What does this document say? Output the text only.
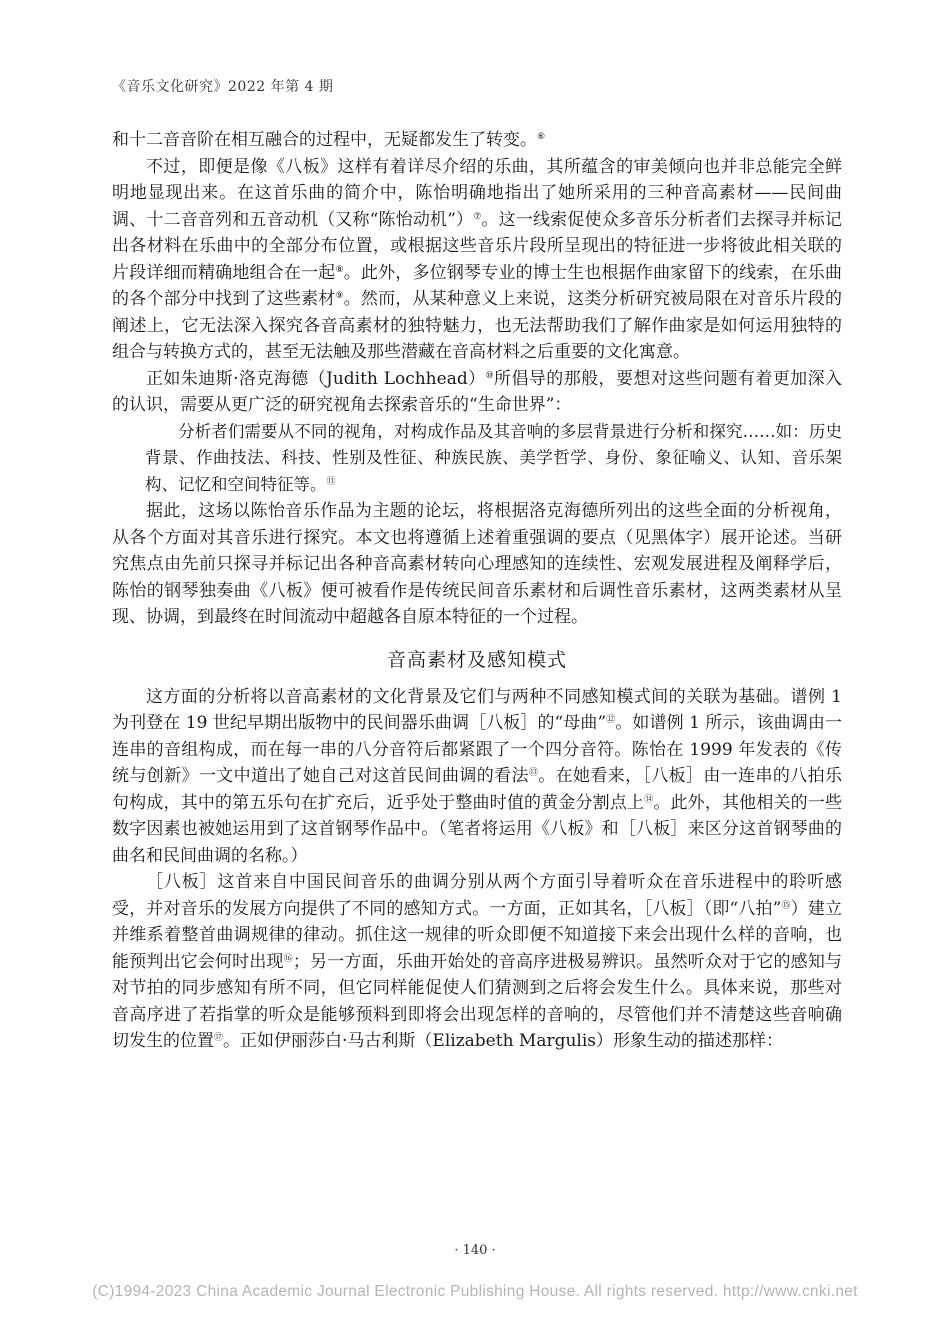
《音乐文化研究》2022 年第 4 期

和十二音音阶在相互融合的过程中，无疑都发生了转变。⑥

不过，即便是像《八板》这样有着详尽介绍的乐曲，其所蕴含的审美倾向也并非总能完全鲜明地显现出来。在这首乐曲的简介中，陈怡明确地指出了她所采用的三种音高素材——民间曲调、十二音音列和五音动机（又称“陈怡动机”）⑦。这一线索促使众多音乐分析者们去探寻并标记出各材料在乐曲中的全部分布位置，或根据这些音乐片段所呈现出的特征进一步将彼此相关联的片段详细而精确地组合在一起⑧。此外，多位钢琴专业的博士生也根据作曲家留下的线索，在乐曲的各个部分中找到了这些素材⑨。然而，从某种意义上来说，这类分析研究被局限在对音乐片段的阐述上，它无法深入探究各音高素材的独特魅力，也无法帮助我们了解作曲家是如何运用独特的组合与转换方式的，甚至无法触及那些潜藏在音高材料之后重要的文化寓意。

正如朱迪斯·洛克海德（Judith Lochhead）⑩所倡导的那般，要想对这些问题有着更加深入的认识，需要从更广泛的研究视角去探索音乐的“生命世界”：

分析者们需要从不同的视角，对构成作品及其音响的多层背景进行分析和探究……如：历史背景、作曲技法、科技、性别及性征、种族民族、美学哲学、身份、象征喻义、认知、音乐架构、记忆和空间特征等。⑪

据此，这场以陈怡音乐作品为主题的论坛，将根据洛克海德所列出的这些全面的分析视角，从各个方面对其音乐进行探究。本文也将遵循上述着重强调的要点（见黑体字）展开论述。当研究焦点由先前只探寻并标记出各种音高素材转向心理感知的连续性、宏观发展进程及阐释学后，陈怡的钢琴独奏曲《八板》便可被看作是传统民间音乐素材和后调性音乐素材，这两类素材从呈现、协调，到最终在时间流动中超越各自原本特征的一个过程。

音高素材及感知模式

这方面的分析将以音高素材的文化背景及它们与两种不同感知模式间的关联为基础。谱例 1 为刊登在 19 世纪早期出版物中的民间器乐曲调［八板］的“母曲”⑫。如谱例 1 所示，该曲调由一连串的音组构成，而在每一串的八分音符后都紧跟了一个四分音符。陈怡在 1999 年发表的《传统与创新》一文中道出了她自己对这首民间曲调的看法⑬。在她看来，［八板］由一连串的八拍乐句构成，其中的第五乐句在扩充后，近乎处于整曲时值的黄金分割点上⑭。此外，其他相关的一些数字因素也被她运用到了这首钢琴作品中。（笔者将运用《八板》和［八板］来区分这首钢琴曲的曲名和民间曲调的名称。）

［八板］这首来自中国民间音乐的曲调分别从两个方面引导着听众在音乐进程中的聆听感受，并对音乐的发展方向提供了不同的感知方式。一方面，正如其名，［八板］（即“八拍”⑮）建立并维系着整首曲调规律的律动。抓住这一规律的听众即便不知道接下来会出现什么样的音响，也能预判出它会何时出现⑯；另一方面，乐曲开始处的音高序进极易辨识。虽然听众对于它的感知与对节拍的同步感知有所不同，但它同样能促使人们猜测到之后将会发生什么。具体来说，那些对音高序进了若指掌的听众是能够预料到即将会出现怎样的音响的，尽管他们并不清楚这些音响确切发生的位置⑰。正如伊丽莎白·马古利斯（Elizabeth Margulis）形象生动的描述那样：

· 140 ·
(C)1994-2023 China Academic Journal Electronic Publishing House. All rights reserved. http://www.cnki.net
